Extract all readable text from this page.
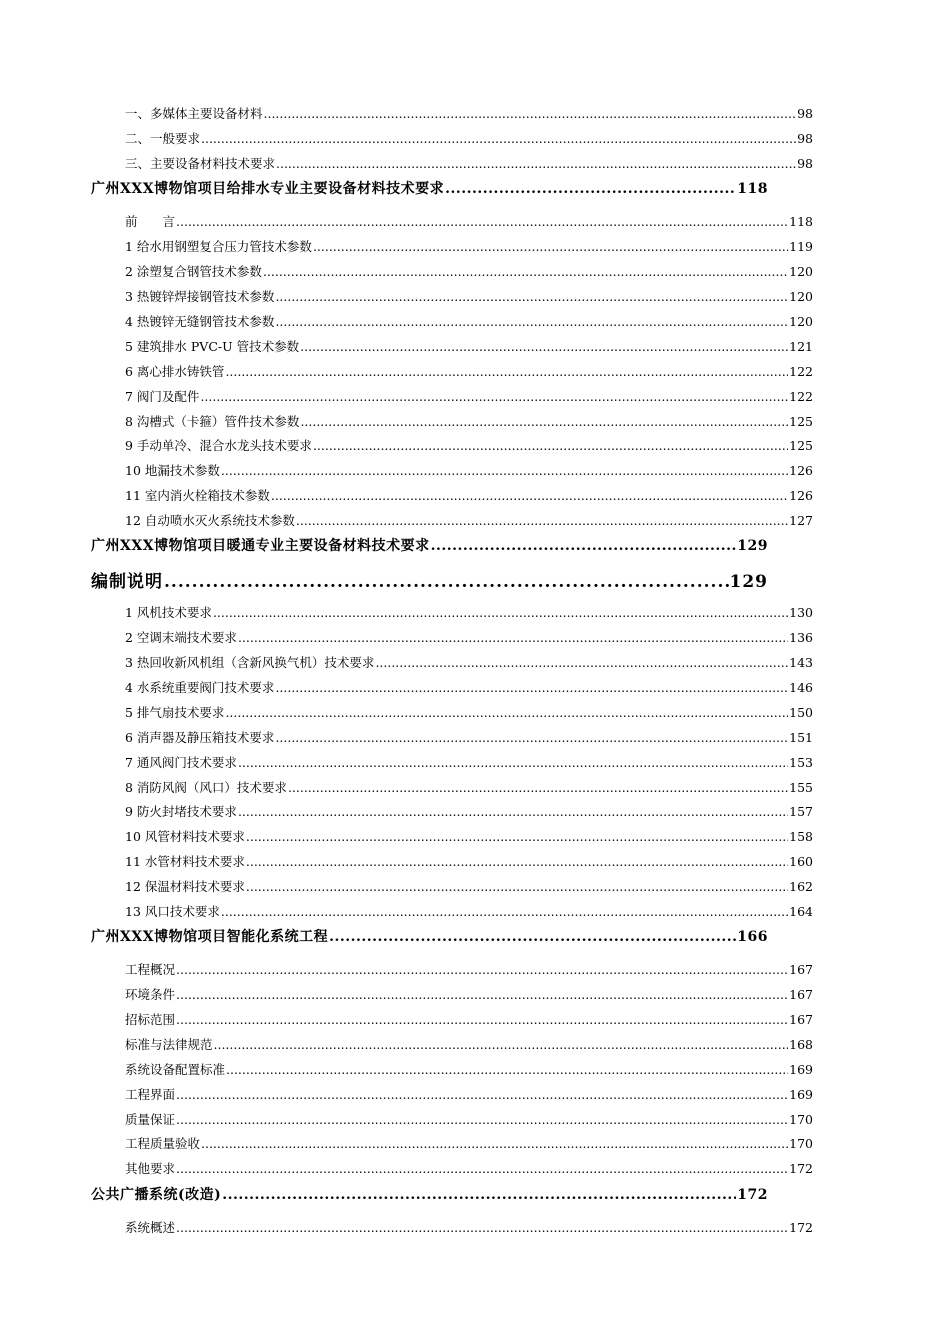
一、多媒体主要设备材料 .....	98
二、一般要求 .....	98
三、主要设备材料技术要求 .....	98
广州XXX博物馆项目给排水专业主要设备材料技术要求 .....	118
前　　言 .....	118
1 给水用钢塑复合压力管技术参数 .....	119
2 涂塑复合钢管技术参数 .....	120
3 热镀锌焊接钢管技术参数 .....	120
4 热镀锌无缝钢管技术参数 .....	120
5 建筑排水 PVC-U 管技术参数 .....	121
6 离心排水铸铁管 .....	122
7 阀门及配件 .....	122
8 沟槽式（卡箍）管件技术参数 .....	125
9 手动单冷、混合水龙头技术要求 .....	125
10 地漏技术参数 .....	126
11 室内消火栓箱技术参数 .....	126
12 自动喷水灭火系统技术参数 .....	127
广州XXX博物馆项目暖通专业主要设备材料技术要求 .....	129
编制说明 .....	129
1 风机技术要求 .....	130
2 空调末端技术要求 .....	136
3 热回收新风机组（含新风换气机）技术要求 .....	143
4 水系统重要阀门技术要求 .....	146
5 排气扇技术要求 .....	150
6 消声器及静压箱技术要求 .....	151
7 通风阀门技术要求 .....	153
8 消防风阀（风口）技术要求 .....	155
9 防火封堵技术要求 .....	157
10 风管材料技术要求 .....	158
11 水管材料技术要求 .....	160
12 保温材料技术要求 .....	162
13 风口技术要求 .....	164
广州XXX博物馆项目智能化系统工程 .....	166
工程概况 .....	167
环境条件 .....	167
招标范围 .....	167
标准与法律规范 .....	168
系统设备配置标准 .....	169
工程界面 .....	169
质量保证 .....	170
工程质量验收 .....	170
其他要求 .....	172
公共广播系统(改造) .....	172
系统概述 .....	172
